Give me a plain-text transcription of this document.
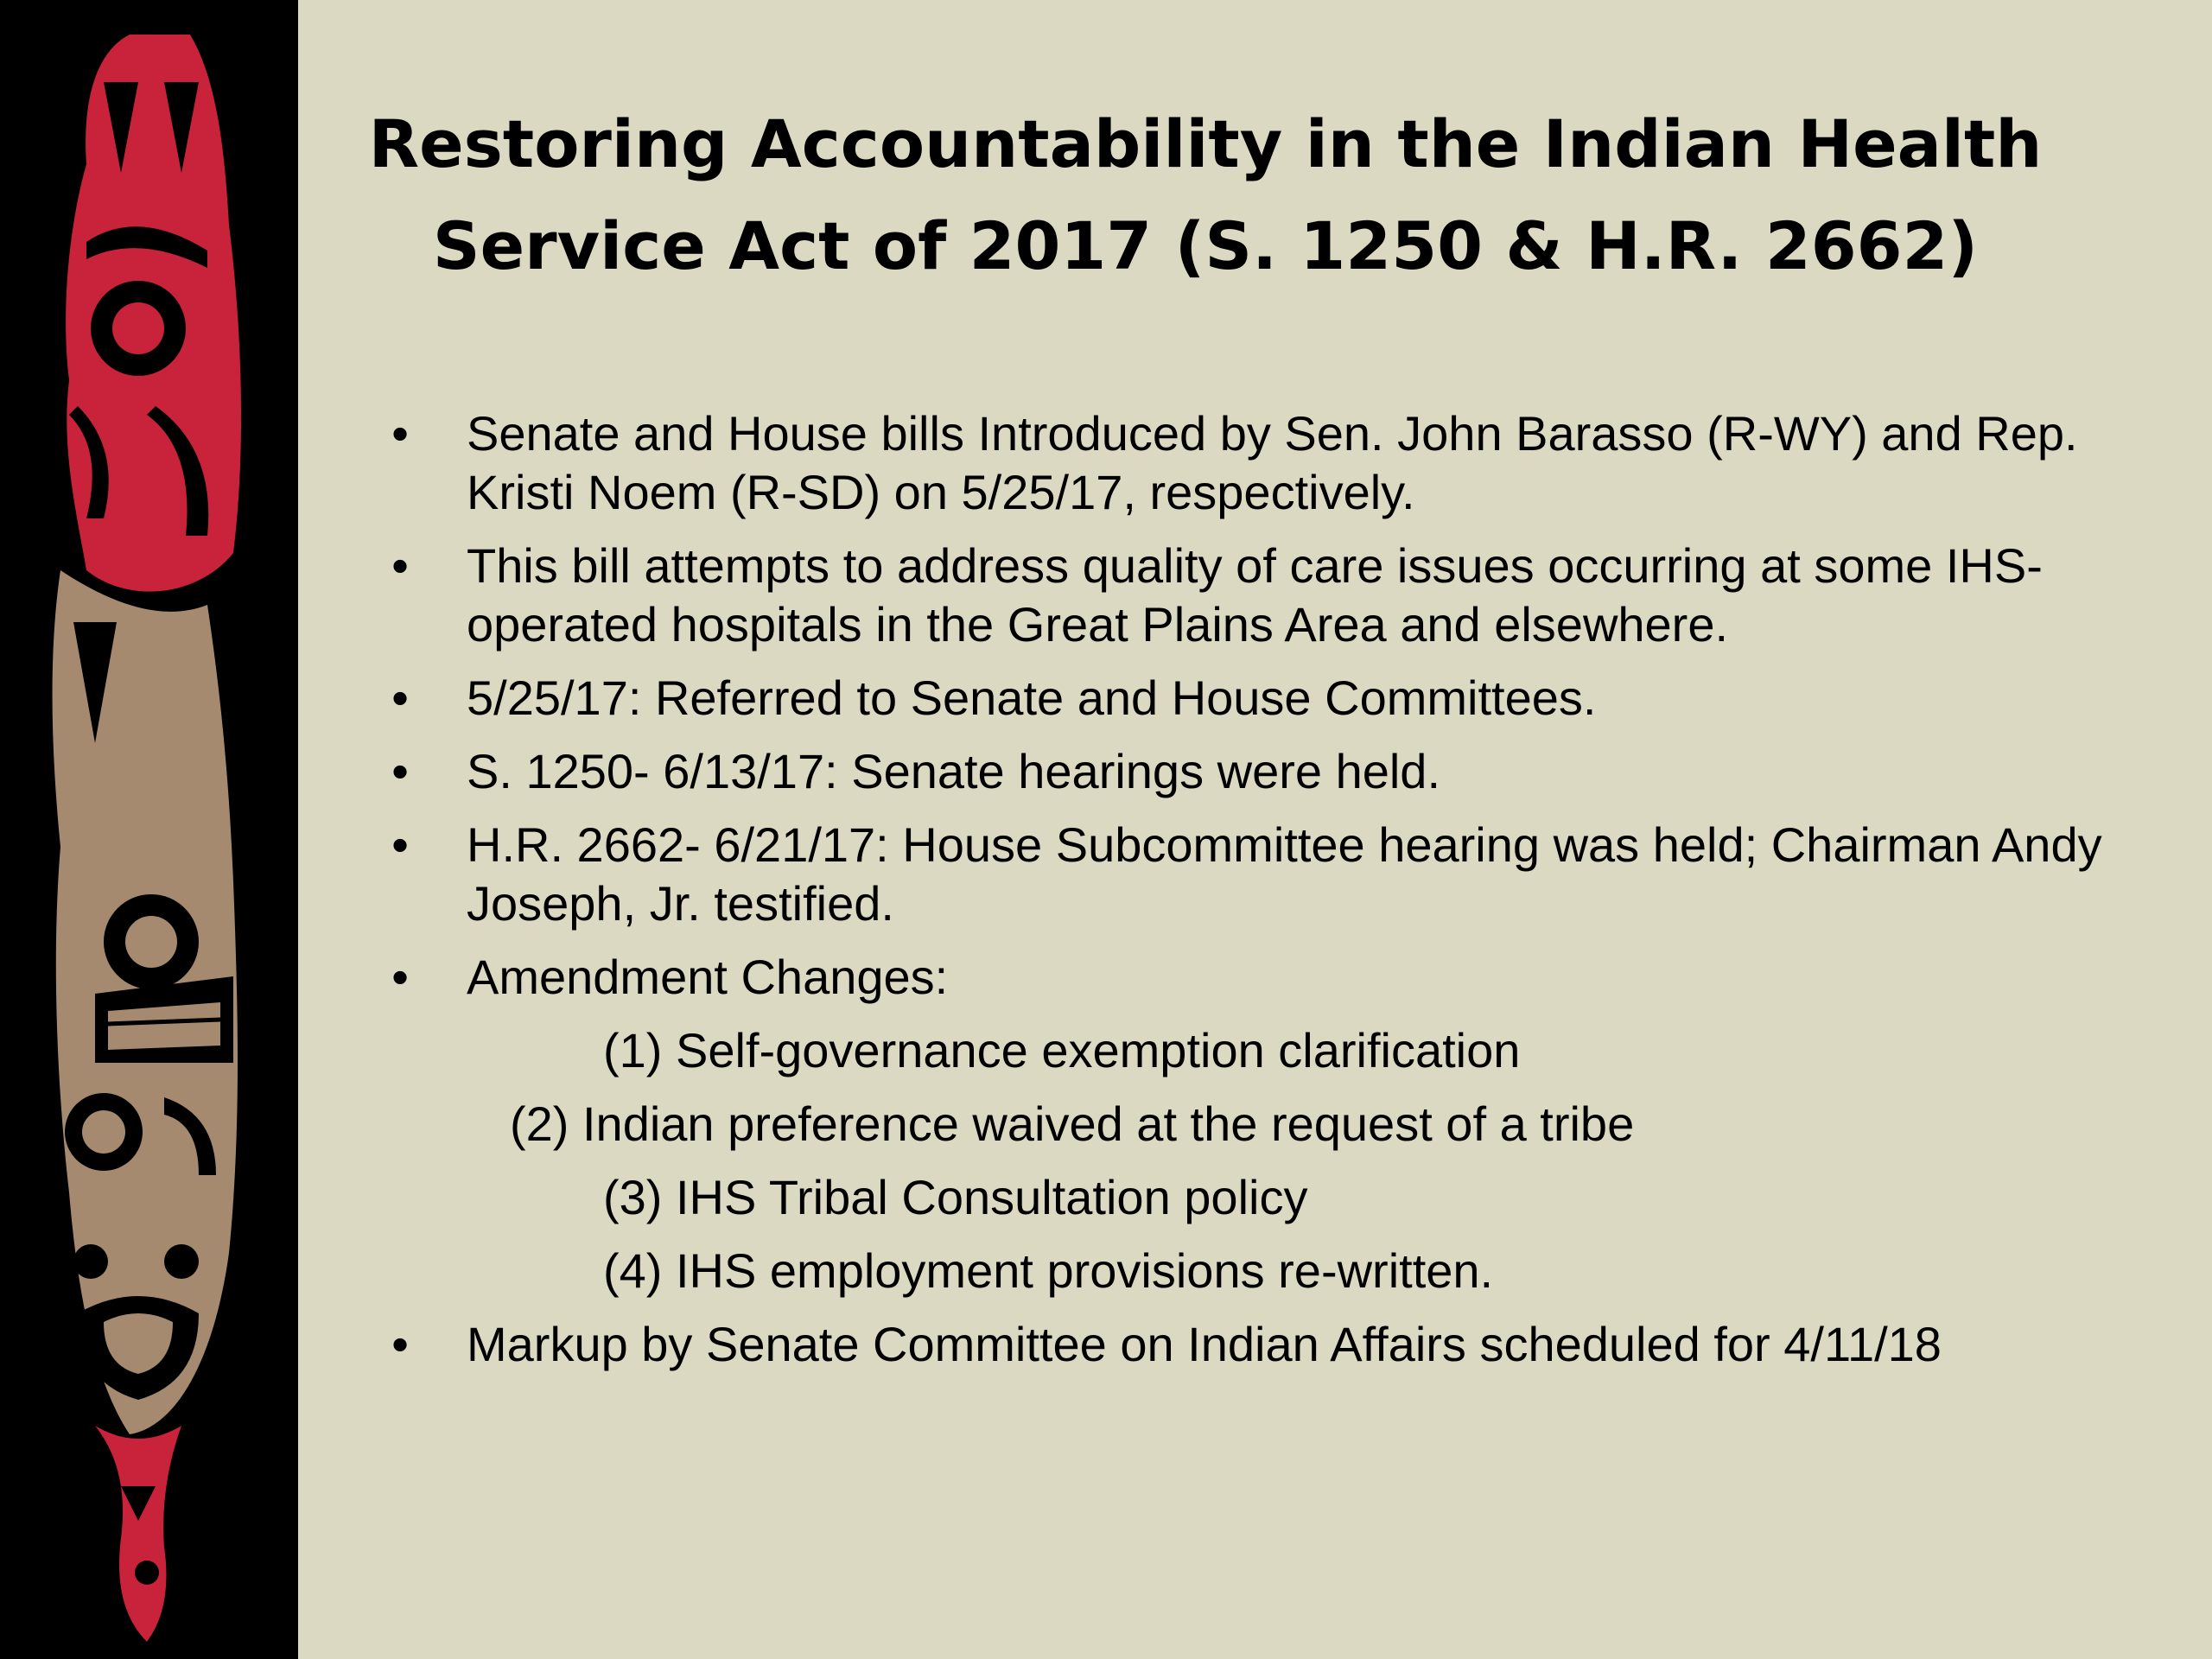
Restoring Accountability in the Indian Health
Service Act of 2017 (S. 1250 & H.R. 2662)
• Senate and House bills Introduced by Sen. John Barasso (R-WY) and Rep. Kristi Noem (R-SD) on 5/25/17, respectively.
• This bill attempts to address quality of care issues occurring at some IHS-operated hospitals in the Great Plains Area and elsewhere.
• 5/25/17: Referred to Senate and House Committees.
• S. 1250- 6/13/17: Senate hearings were held.
• H.R. 2662- 6/21/17: House Subcommittee hearing was held; Chairman Andy Joseph, Jr. testified.
• Amendment Changes:
(1) Self-governance exemption clarification
(2) Indian preference waived at the request of a tribe
(3) IHS Tribal Consultation policy
(4) IHS employment provisions re-written.
• Markup by Senate Committee on Indian Affairs scheduled for 4/11/18
